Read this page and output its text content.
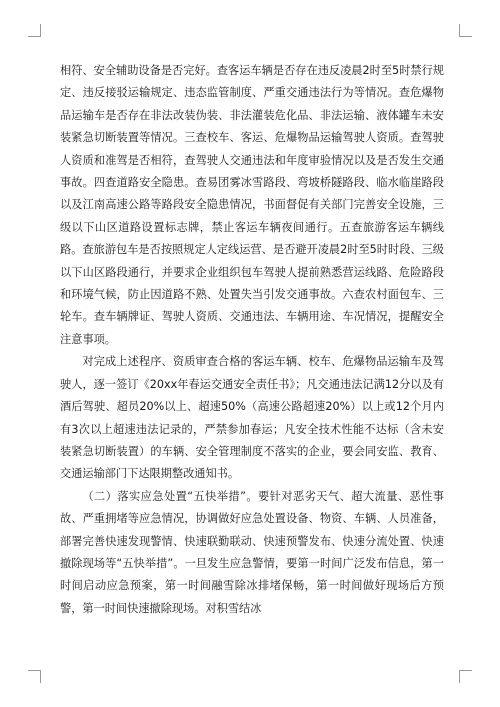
相符、安全辅助设备是否完好。查客运车辆是否存在违反凌晨2时至5时禁行规定、违反接驳运输规定、违态监管制度、严重交通违法行为等情况。查危爆物品运输车是否存在非法改装伪装、非法灌装危化品、非法运输、液体罐车未安装紧急切断装置等情况。三查校车、客运、危爆物品运输驾驶人资质。查驾驶人资质和准驾是否相符，查驾驶人交通违法和年度审验情况以及是否发生交通事故。四查道路安全隐患。查易团雾冰雪路段、弯坡桥隧路段、临水临崖路段以及江南高速公路等路段安全隐患情况，书面督促有关部门完善安全设施，三级以下山区道路设置标志牌，禁止客运车辆夜间通行。五查旅游客运车辆线路。查旅游包车是否按照规定人定线运营、是否避开凌晨2时至5时时段、三级以下山区路段通行，并要求企业组织包车驾驶人提前熟悉营运线路、危险路段和环境气候，防止因道路不熟、处置失当引发交通事故。六查农村面包车、三轮车。查车辆牌证、驾驶人资质、交通违法、车辆用途、车况情况，提醒安全注意事项。

对完成上述程序、资质审查合格的客运车辆、校车、危爆物品运输车及驾驶人，逐一签订《20xx年春运交通安全责任书》；凡交通违法记满12分以及有酒后驾驶、超员20%以上、超速50%（高速公路超速20%）以上或12个月内有3次以上超速违法记录的，严禁参加春运；凡安全技术性能不达标（含未安装紧急切断装置）的车辆、安全管理制度不落实的企业，要会同安监、教育、交通运输部门下达限期整改通知书。

（二）落实应急处置“五快举措”。要针对恶劣天气、超大流量、恶性事故、严重拥堵等应急情况，协调做好应急处置设备、物资、车辆、人员准备，部署完善快速发现警情、快速联勤联动、快速预警发布、快速分流处置、快速撤除现场等“五快举措”。一旦发生应急警情，要第一时间广泛发布信息，第一时间启动应急预案，第一时间融雪除冰排堵保畅，第一时间做好现场后方预警，第一时间快速撤除现场。对积雪结冰
